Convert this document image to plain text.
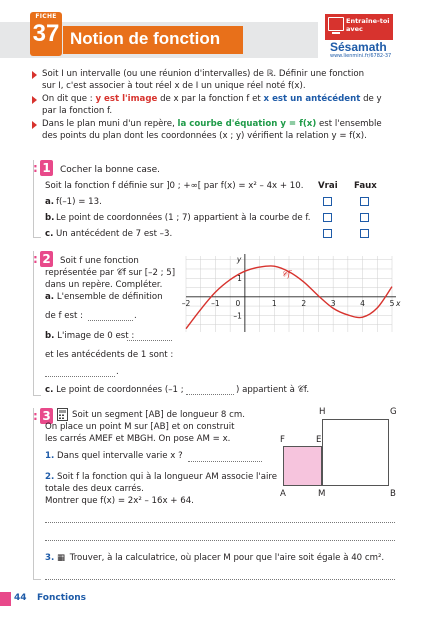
FICHE
37 Notion de fonction
Entraîne-toi
avec
Sésamath
www.lienmini.fr/6782-37
Soit I un intervalle (ou une réunion d'intervalles) de ℝ. Définir une fonction
sur I, c'est associer à tout réel x de I un unique réel noté f(x).
On dit que : y est l'image de x par la fonction f et x est un antécédent de y
par la fonction f.
Dans le plan muni d'un repère, la courbe d'équation y = f(x) est l'ensemble
des points du plan dont les coordonnées (x ; y) vérifient la relation y = f(x).
: 1 Cocher la bonne case.
Soit la fonction f définie sur ]0 ; +∞[ par f(x) = x² – 4x + 10. Vrai Faux
a. f(–1) = 13.
b. Le point de coordonnées (1 ; 7) appartient à la courbe de f.
c. Un antécédent de 7 est –3.
: 2 Soit f une fonction
représentée par 𝒞f sur [–2 ; 5]
dans un repère. Compléter.
a. L'ensemble de définition
de f est :	.
b. L'image de 0 est :
et les antécédents de 1 sont :
.
c. Le point de coordonnées (–1 ;	) appartient à 𝒞f.
–2	–1 0	1	2	3	4	5
1
–1
x
y
𝒞f
: 3 Soit un segment [AB] de longueur 8 cm.
On place un point M sur [AB] et on construit
les carrés AMEF et MBGH. On pose AM = x.
1. Dans quel intervalle varie x ?
2. Soit f la fonction qui à la longueur AM associe l'aire
totale des deux carrés.
Montrer que f(x) = 2x² – 16x + 64.
3. ▦ Trouver, à la calculatrice, où placer M pour que l'aire soit égale à 40 cm².
H	G
F	E
A	M	B
44 Fonctions
